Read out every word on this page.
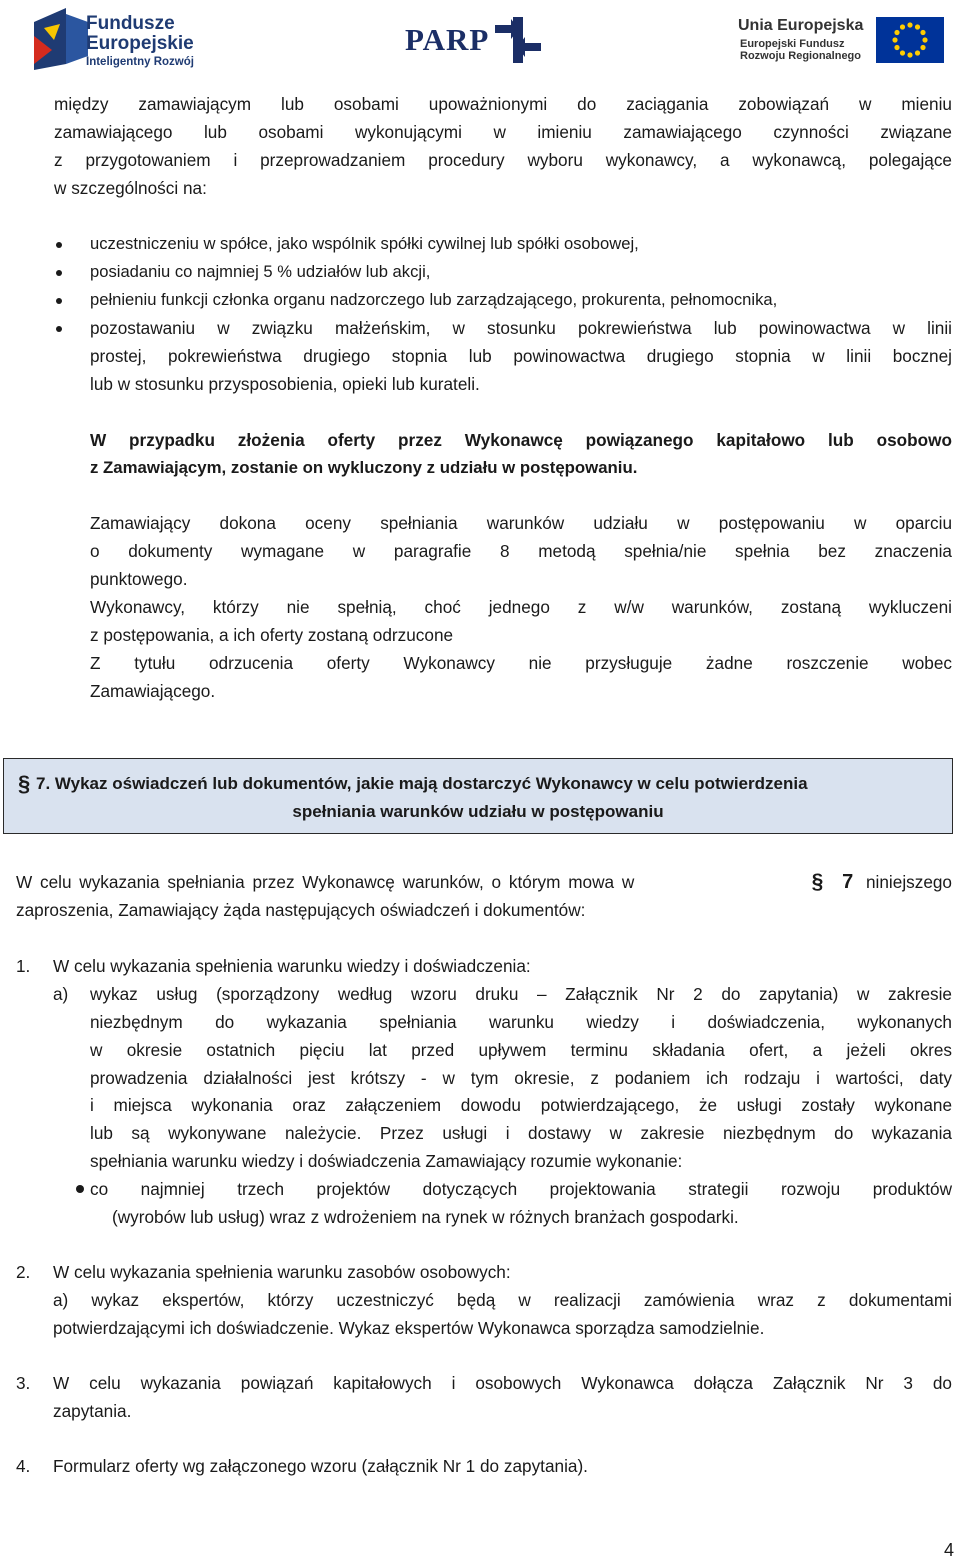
Fundusze
Europejskie
Inteligentny Rozwój
PARP	Unia Europejska
Europejski Fundusz
Rozwoju Regionalnego
między zamawiającym lub osobami upoważnionymi do zaciągania zobowiązań w mieniu
zamawiającego lub osobami wykonującymi w imieniu zamawiającego czynności związane
z przygotowaniem i przeprowadzaniem procedury wyboru wykonawcy, a wykonawcą, polegające
w szczególności na:
uczestniczeniu w spółce, jako wspólnik spółki cywilnej lub spółki osobowej,
posiadaniu co najmniej 5 % udziałów lub akcji,
pełnieniu funkcji członka organu nadzorczego lub zarządzającego, prokurenta, pełnomocnika,
pozostawaniu w związku małżeńskim, w stosunku pokrewieństwa lub powinowactwa w linii
prostej, pokrewieństwa drugiego stopnia lub powinowactwa drugiego stopnia w linii bocznej
lub w stosunku przysposobienia, opieki lub kurateli.
W przypadku złożenia oferty przez Wykonawcę powiązanego kapitałowo lub osobowo
z Zamawiającym, zostanie on wykluczony z udziału w postępowaniu.
Zamawiający dokona oceny spełniania warunków udziału w postępowaniu w oparciu
o dokumenty wymagane w paragrafie 8 metodą spełnia/nie spełnia bez znaczenia
punktowego.
Wykonawcy, którzy nie spełnią, choć jednego z w/w warunków, zostaną wykluczeni
z postępowania, a ich oferty zostaną odrzucone
Z tytułu odrzucenia oferty Wykonawcy nie przysługuje żadne roszczenie wobec
Zamawiającego.
§ 7. Wykaz oświadczeń lub dokumentów, jakie mają dostarczyć Wykonawcy w celu potwierdzenia
spełniania warunków udziału w postępowaniu
W celu wykazania spełniania przez Wykonawcę warunków, o którym mowa w	§ 7 niniejszego
zaproszenia, Zamawiający żąda następujących oświadczeń i dokumentów:
1. W celu wykazania spełnienia warunku wiedzy i doświadczenia:
a) wykaz usług (sporządzony według wzoru druku – Załącznik Nr 2 do zapytania) w zakresie
niezbędnym do wykazania spełniania warunku wiedzy i doświadczenia, wykonanych
w okresie ostatnich pięciu lat przed upływem terminu składania ofert, a jeżeli okres
prowadzenia działalności jest krótszy - w tym okresie, z podaniem ich rodzaju i wartości, daty
i miejsca wykonania oraz załączeniem dowodu potwierdzającego, że usługi zostały wykonane
lub są wykonywane należycie. Przez usługi i dostawy w zakresie niezbędnym do wykazania
spełniania warunku wiedzy i doświadczenia Zamawiający rozumie wykonanie:
co najmniej trzech projektów dotyczących projektowania strategii rozwoju produktów
(wyrobów lub usług) wraz z wdrożeniem na rynek w różnych branżach gospodarki.
2. W celu wykazania spełnienia warunku zasobów osobowych:
a) wykaz ekspertów, którzy uczestniczyć będą w realizacji zamówienia wraz z dokumentami
potwierdzającymi ich doświadczenie. Wykaz ekspertów Wykonawca sporządza samodzielnie.
3. W celu wykazania powiązań kapitałowych i osobowych Wykonawca dołącza Załącznik Nr 3 do
zapytania.
4. Formularz oferty wg załączonego wzoru (załącznik Nr 1 do zapytania).
4
